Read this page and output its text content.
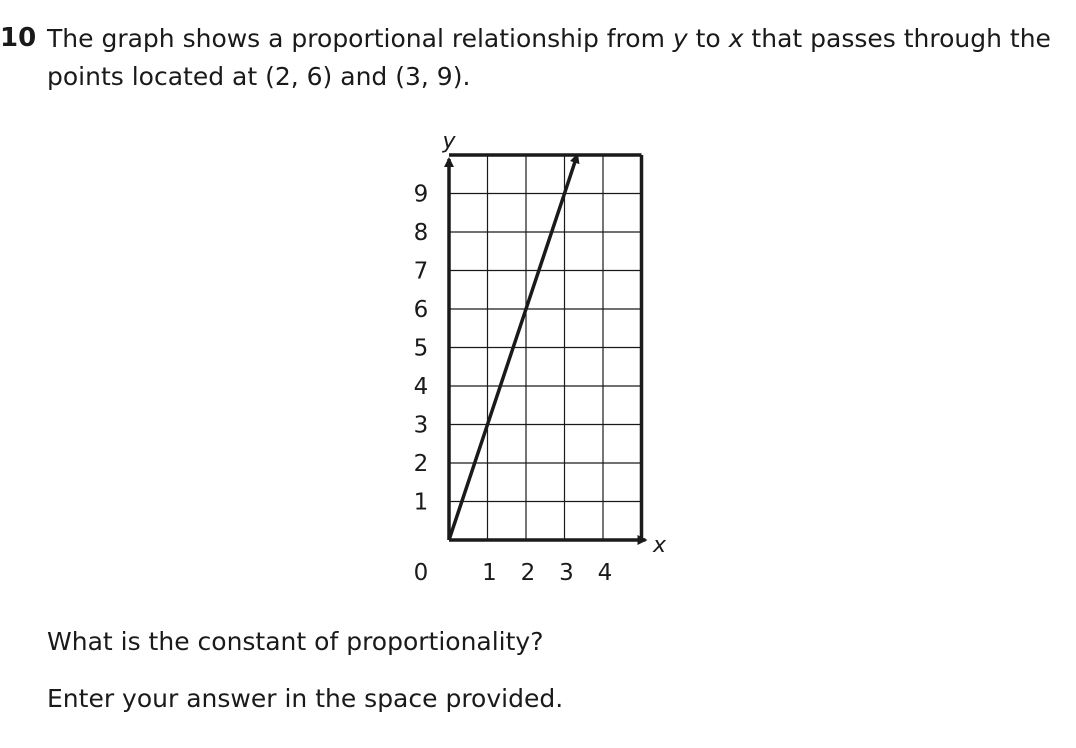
10 The graph shows a proportional relationship from y to x that passes through the points located at (2, 6) and (3, 9).
1
2
3
4
5
6
7
8
9
1 2 3 4
0
y
x
What is the constant of proportionality?
Enter your answer in the space provided.
